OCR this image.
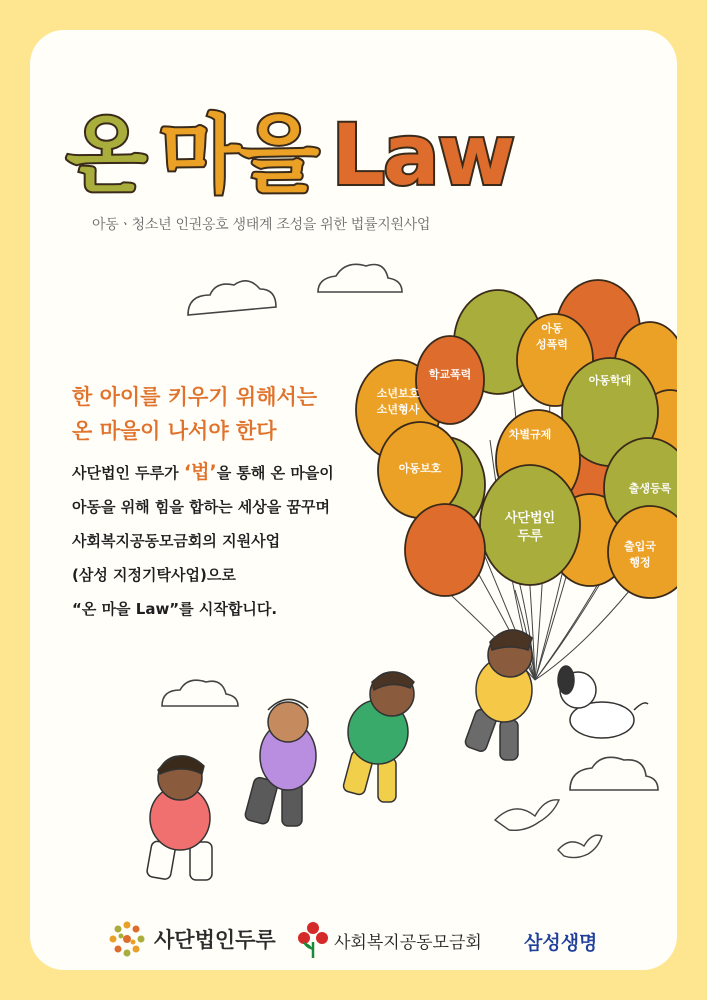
온 마을 Law
아동ㆍ청소년 인권옹호 생태계 조성을 위한 법률지원사업
소년보호
소년형사
학교폭력
아동
성폭력
아동학대
차별규제
아동보호
사단법인
두루
출생등록
출입국
행정
한 아이를 키우기 위해서는
온 마을이 나서야 한다
사단법인 두루가 ‘법’을 통해 온 마을이
아동을 위해 힘을 합하는 세상을 꿈꾸며
사회복지공동모금회의 지원사업
(삼성 지정기탁사업)으로
“온 마을 Law”를 시작합니다.
사단법인두루	사회복지공동모금회 삼성생명
